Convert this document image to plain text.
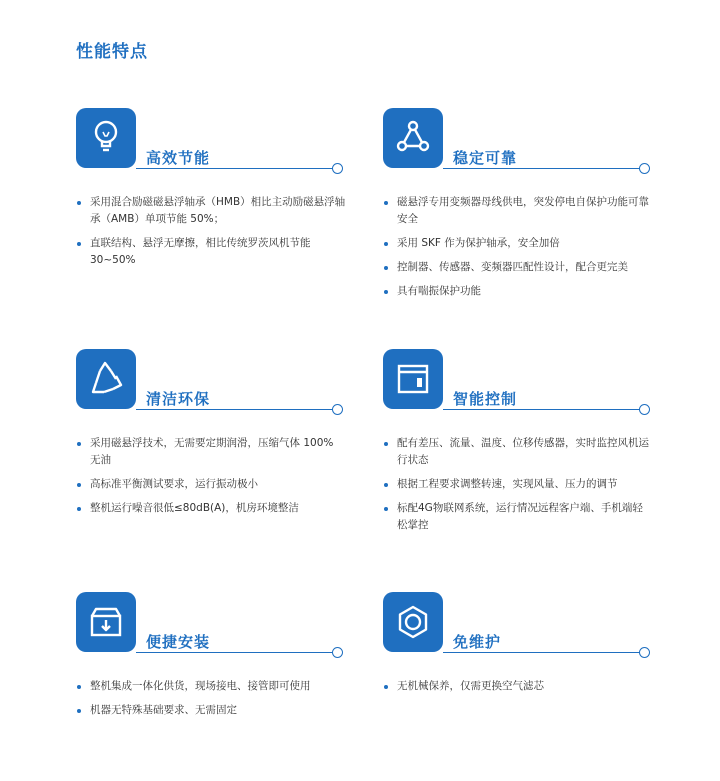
性能特点
高效节能
采用混合励磁磁悬浮轴承（HMB）相比主动励磁悬浮轴承（AMB）单项节能 50%；
直联结构、悬浮无摩擦，相比传统罗茨风机节能 30~50%
稳定可靠
磁悬浮专用变频器母线供电，突发停电自保护功能可靠安全
采用 SKF 作为保护轴承，安全加倍
控制器、传感器、变频器匹配性设计，配合更完美
具有喘振保护功能
清洁环保
采用磁悬浮技术，无需要定期润滑，压缩气体 100% 无油
高标准平衡测试要求，运行振动极小
整机运行噪音很低≤80dB(A)，机房环境整洁
智能控制
配有差压、流量、温度、位移传感器，实时监控风机运行状态
根据工程要求调整转速，实现风量、压力的调节
标配4G物联网系统，运行情况远程客户端、手机端轻松掌控
便捷安装
整机集成一体化供货，现场接电、接管即可使用
机器无特殊基础要求、无需固定
免维护
无机械保养，仅需更换空气滤芯
